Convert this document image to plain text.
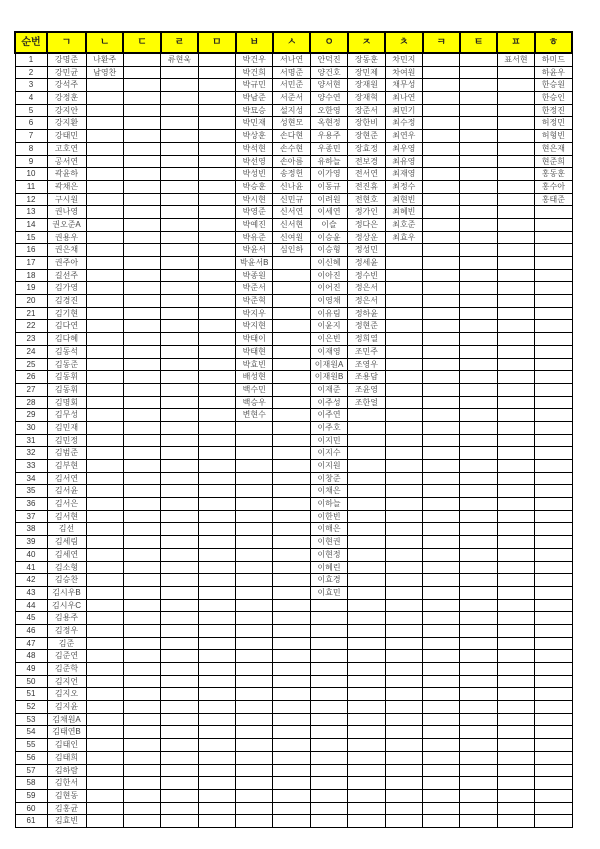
순번	ㄱ	ㄴ	ㄷ	ㄹ	ㅁ	ㅂ	ㅅ	ㅇ	ㅈ	ㅊ	ㅋ	ㅌ	ㅍ	ㅎ
1	강명준	나환주		류현욱		박건우	서나연	안덕진	장동훈	차민지			표서현	하미드
2	강민균	남영찬				박건희	서명준	양건호	장민제	차여원				하윤우
3	강석주					박규민	서민준	양서현	장재원	채무성				한승원
4	강정훈					박남준	서준서	양수연	장재혁	최나연				한승인
5	강지안					박묘승	설지성	오한영	장준서	최민기				한정진
6	강지환					박민재	성현모	옥현정	장한비	최수정				허정민
7	강태민					박상훈	손다현	우용주	장현준	최연우				허형빈
8	고호연					박석현	손수현	우종민	장효정	최우영				현은재
9	공서연					박선영	손아름	유하늘	전보경	최유영				현준희
10	곽윤하					박성빈	송정헌	이가영	전서연	최재영				홍동훈
11	곽채은					박승훈	신나윤	이동규	전진휴	최정수				홍수아
12	구시원					박시현	신민규	이려원	전현호	최현빈				홍태준
13	권나영					박영준	신서연	이세연	정가인	최혜빈				
14	권오준A					박예진	신서현	이슬	정다은	최호준				
15	권용우					박유준	신여원	이승윤	정상운	최효우				
16	권은채					박윤서	심인하	이승형	정성민					
17	권주아					박윤서B		이신혜	정세윤					
18	길선주					박종원		이아진	정수빈					
19	김가영					박준서		이어진	정은서					
20	김경진					박준혁		이영채	정은서					
21	김기현					박지우		이유림	정하윤					
22	김다연					박지현		이윤지	정현준					
23	김다혜					박태이		이은빈	정희열					
24	김동석					박태현		이재영	조민주					
25	김동준					박효빈		이재원A	조영우					
26	김동휘					배성현		이재원B	조용담					
27	김동휘					백수민		이재준	조윤영					
28	김명회					백승우		이주성	조한얼					
29	김무성					변현수		이주연						
30	김민재							이주호						
31	김민정							이지민						
32	김범준							이지수						
33	김부현							이지원						
34	김서연							이창준						
35	김서윤							이채은						
36	김서은							이하늘						
37	김서현							이한빈						
38	김선							이해은						
39	김세림							이현권						
40	김세연							이현정						
41	김소형							이혜린						
42	김승찬							이효경						
43	김시우B							이효민						
44	김시우C													
45	김용주													
46	김정우													
47	김준													
48	김준연													
49	김준학													
50	김지언													
51	김지오													
52	김지윤													
53	김채원A													
54	김태연B													
55	김태인													
56	김태희													
57	김하람													
58	김한서													
59	김현동													
60	김홍균													
61	김효빈													
